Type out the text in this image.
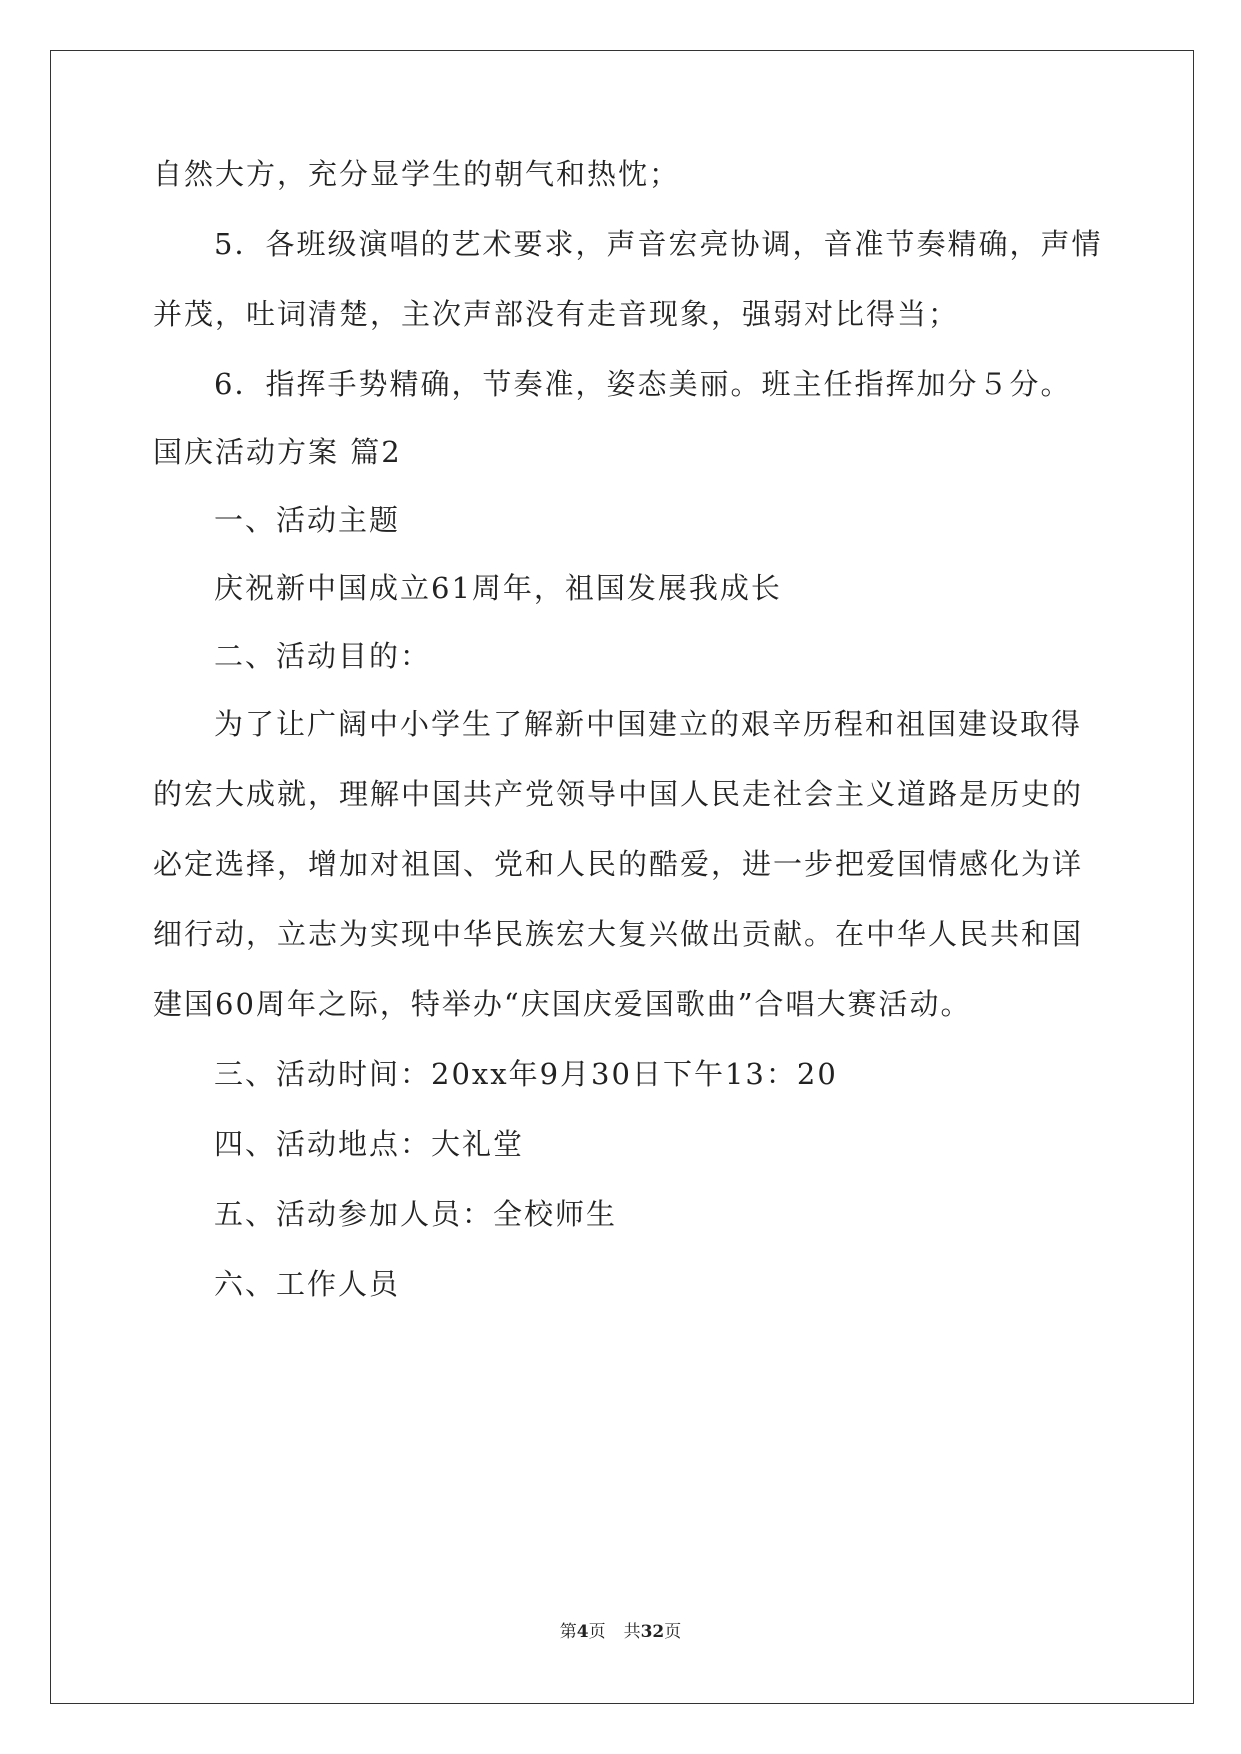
自然大方，充分显学生的朝气和热忱；
5．各班级演唱的艺术要求，声音宏亮协调，音准节奏精确，声情
并茂，吐词清楚，主次声部没有走音现象，强弱对比得当；
6．指挥手势精确，节奏准，姿态美丽。班主任指挥加分５分。
国庆活动方案 篇2
一、活动主题
庆祝新中国成立61周年，祖国发展我成长
二、活动目的：
为了让广阔中小学生了解新中国建立的艰辛历程和祖国建设取得
的宏大成就，理解中国共产党领导中国人民走社会主义道路是历史的
必定选择，增加对祖国、党和人民的酷爱，进一步把爱国情感化为详
细行动，立志为实现中华民族宏大复兴做出贡献。在中华人民共和国
建国60周年之际，特举办“庆国庆爱国歌曲”合唱大赛活动。
三、活动时间：20xx年9月30日下午13：20
四、活动地点：大礼堂
五、活动参加人员：全校师生
六、工作人员
第4页 共32页
